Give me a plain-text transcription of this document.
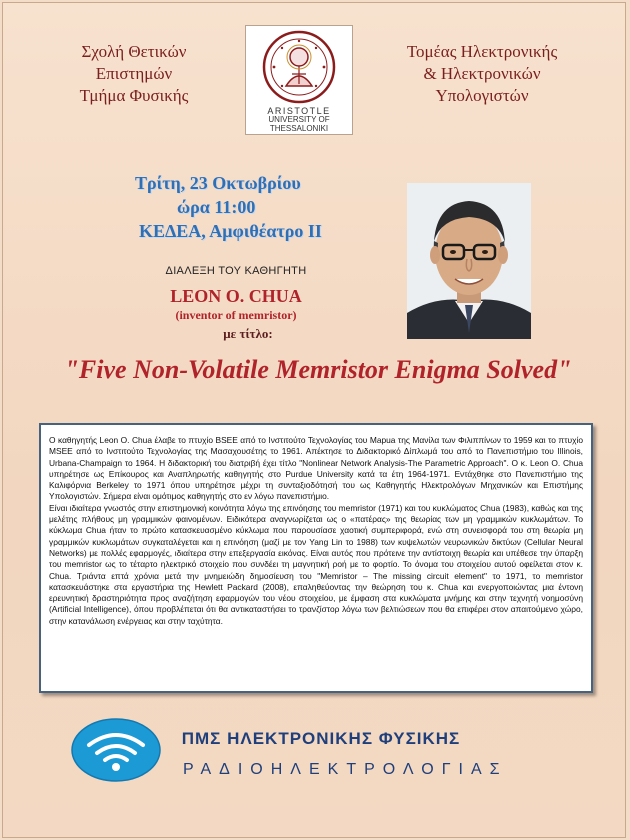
Σχολή Θετικών
Επιστημών
Τμήμα Φυσικής
ARISTOTLE
UNIVERSITY OF
THESSALONIKI
Τομέας Ηλεκτρονικής
& Ηλεκτρονικών
Υπολογιστών
Τρίτη, 23 Οκτωβρίου
ώρα 11:00
ΚΕΔΕΑ, Αμφιθέατρο ΙΙ
ΔΙΑΛΕΞΗ ΤΟΥ ΚΑΘΗΓΗΤΗ
LEON O. CHUA
(inventor of memristor)
με τίτλο:
"Five Non-Volatile Memristor Enigma Solved"

Ο καθηγητής Leon O. Chua έλαβε το πτυχίο BSEE από το Ινστιτούτο Τεχνολογίας του Mapua της Μανίλα των Φιλιππίνων το 1959 και το πτυχίο MSEE από το Ινστιτούτο Τεχνολογίας της Μασαχουσέτης το 1961. Απέκτησε το Διδακτορικό Δίπλωμά του από το Πανεπιστήμιο του Illinois, Urbana-Champaign το 1964. Η διδακτορική του διατριβή έχει τίτλο "Nonlinear Network Analysis-The Parametric Approach". Ο κ. Leon O. Chua υπηρέτησε ως Επίκουρος και Αναπληρωτής καθηγητής στο Purdue University κατά τα έτη 1964-1971. Εντάχθηκε στο Πανεπιστήμιο της Καλιφόρνια Berkeley το 1971 όπου υπηρέτησε μέχρι τη συνταξιοδότησή του ως Καθηγητής Ηλεκτρολόγων Μηχανικών και Επιστήμης Υπολογιστών. Σήμερα είναι ομότιμος καθηγητής στο εν λόγω πανεπιστήμιο.

Είναι ιδιαίτερα γνωστός στην επιστημονική κοινότητα λόγω της επινόησης του memristor (1971) και του κυκλώματος Chua (1983), καθώς και της μελέτης πλήθους μη γραμμικών φαινομένων. Ειδικότερα αναγνωρίζεται ως ο «πατέρας» της θεωρίας των μη γραμμικών κυκλωμάτων. Το κύκλωμα Chua ήταν το πρώτο κατασκευασμένο κύκλωμα που παρουσίασε χαοτική συμπεριφορά, ενώ στη συνεισφορά του στη θεωρία μη γραμμικών κυκλωμάτων συγκαταλέγεται και η επινόηση (μαζί με τον Yang Lin το 1988) των κυψελωτών νευρωνικών δικτύων (Cellular Neural Networks) με πολλές εφαρμογές, ιδιαίτερα στην επεξεργασία εικόνας. Είναι αυτός που πρότεινε την αντίστοιχη θεωρία και υπέθεσε την ύπαρξη του memristor ως το τέταρτο ηλεκτρικό στοιχείο που συνδέει τη μαγνητική ροή με το φορτίο. Το όνομα του στοιχείου αυτού οφείλεται στον κ. Chua. Τριάντα επτά χρόνια μετά την μνημειώδη δημοσίευση του "Memristor – The missing circuit element" το 1971, το memristor κατασκευάστηκε στα εργαστήρια της Hewlett Packard (2008), επαληθεύοντας την θεώρηση του κ. Chua και ενεργοποιώντας μια έντονη ερευνητική δραστηριότητα προς αναζήτηση εφαρμογών του νέου στοιχείου, με έμφαση στα κυκλώματα μνήμης και στην τεχνητή νοημοσύνη (Artificial Intelligence), όπου προβλέπεται ότι θα αντικαταστήσει το τρανζίστορ λόγω των βελτιώσεων που θα επιφέρει στον απαιτούμενο χώρο, στην κατανάλωση ενέργειας και στην ταχύτητα.

ΠΜΣ ΗΛΕΚΤΡΟΝΙΚΗΣ ΦΥΣΙΚΗΣ
ΡΑΔΙΟΗΛΕΚΤΡΟΛΟΓΙΑΣ
